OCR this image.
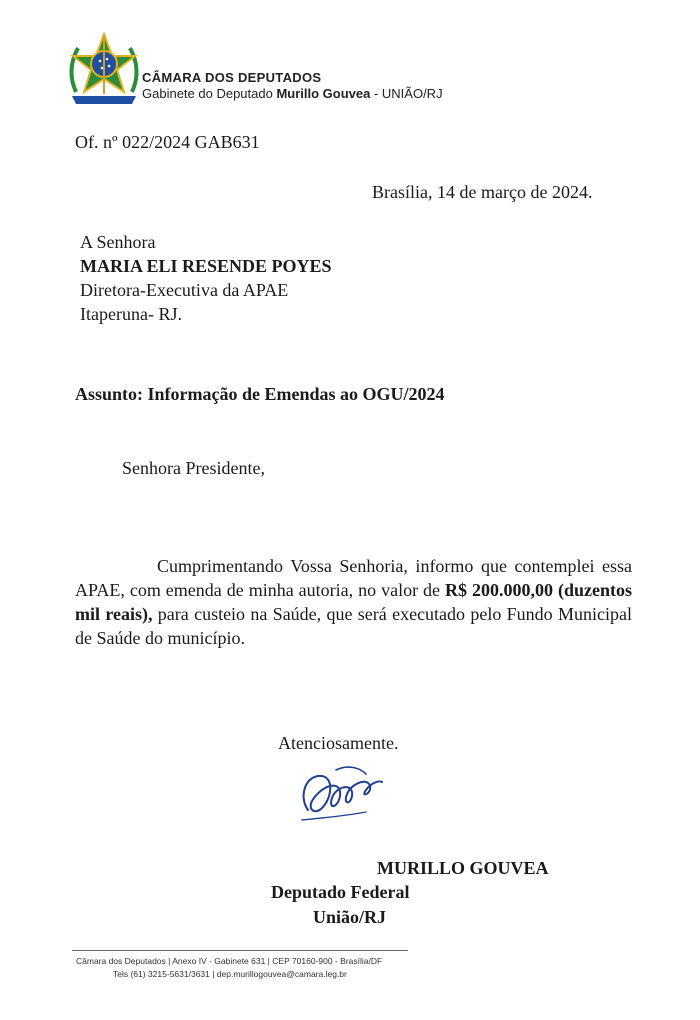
CÂMARA DOS DEPUTADOS
Gabinete do Deputado Murillo Gouvea - UNIÃO/RJ
Of. nº 022/2024 GAB631
Brasília, 14 de março de 2024.
A Senhora
MARIA ELI RESENDE POYES
Diretora-Executiva da APAE
Itaperuna- RJ.
Assunto: Informação de Emendas ao OGU/2024
Senhora Presidente,
Cumprimentando Vossa Senhoria, informo que contemplei essa APAE, com emenda de minha autoria, no valor de R$ 200.000,00 (duzentos mil reais), para custeio na Saúde, que será executado pelo Fundo Municipal de Saúde do município.
Atenciosamente.
MURILLO GOUVEA
Deputado Federal
União/RJ
Câmara dos Deputados | Anexo IV - Gabinete 631 | CEP 70160-900 - Brasília/DF
Tels (61) 3215-5631/3631 | dep.murillogouvea@camara.leg.br
